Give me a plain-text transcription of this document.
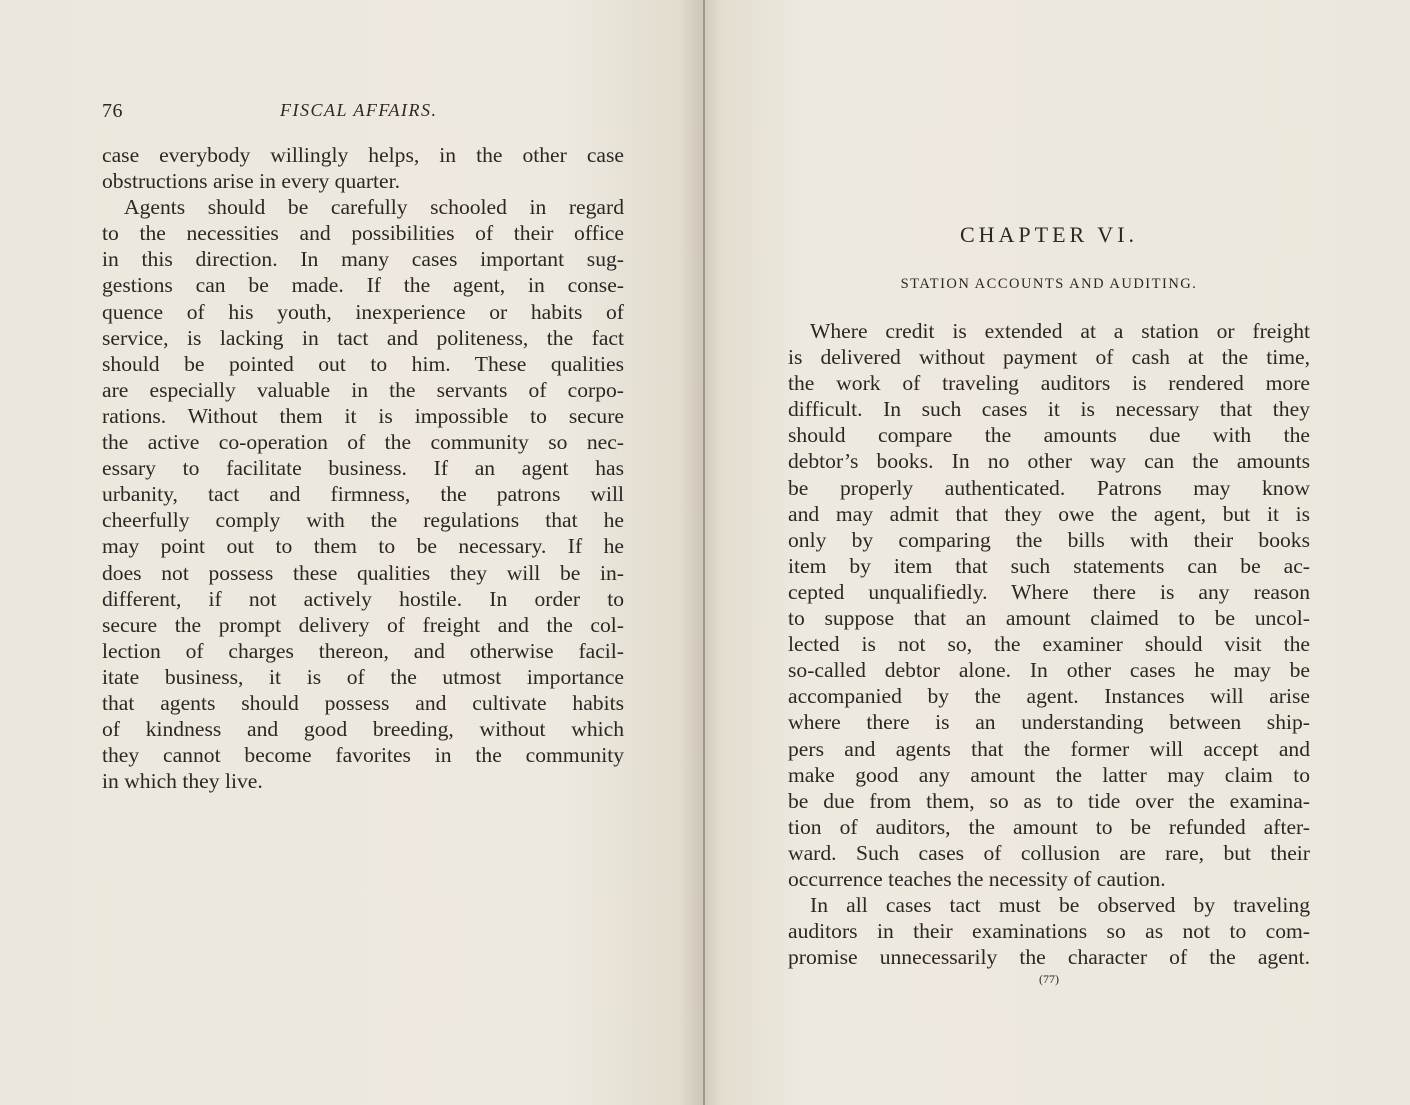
76	FISCAL AFFAIRS.
case everybody willingly helps, in the other case
obstructions arise in every quarter.
Agents should be carefully schooled in regard
to the necessities and possibilities of their office
in this direction. In many cases important sug-
gestions can be made. If the agent, in conse-
quence of his youth, inexperience or habits of
service, is lacking in tact and politeness, the fact
should be pointed out to him. These qualities
are especially valuable in the servants of corpo-
rations. Without them it is impossible to secure
the active co-operation of the community so nec-
essary to facilitate business. If an agent has
urbanity, tact and firmness, the patrons will
cheerfully comply with the regulations that he
may point out to them to be necessary. If he
does not possess these qualities they will be in-
different, if not actively hostile. In order to
secure the prompt delivery of freight and the col-
lection of charges thereon, and otherwise facil-
itate business, it is of the utmost importance
that agents should possess and cultivate habits
of kindness and good breeding, without which
they cannot become favorites in the community
in which they live.
CHAPTER VI.
STATION ACCOUNTS AND AUDITING.
Where credit is extended at a station or freight
is delivered without payment of cash at the time,
the work of traveling auditors is rendered more
difficult. In such cases it is necessary that they
should compare the amounts due with the
debtor’s books. In no other way can the amounts
be properly authenticated. Patrons may know
and may admit that they owe the agent, but it is
only by comparing the bills with their books
item by item that such statements can be ac-
cepted unqualifiedly. Where there is any reason
to suppose that an amount claimed to be uncol-
lected is not so, the examiner should visit the
so-called debtor alone. In other cases he may be
accompanied by the agent. Instances will arise
where there is an understanding between ship-
pers and agents that the former will accept and
make good any amount the latter may claim to
be due from them, so as to tide over the examina-
tion of auditors, the amount to be refunded after-
ward. Such cases of collusion are rare, but their
occurrence teaches the necessity of caution.
In all cases tact must be observed by traveling
auditors in their examinations so as not to com-
promise unnecessarily the character of the agent.
(77)
